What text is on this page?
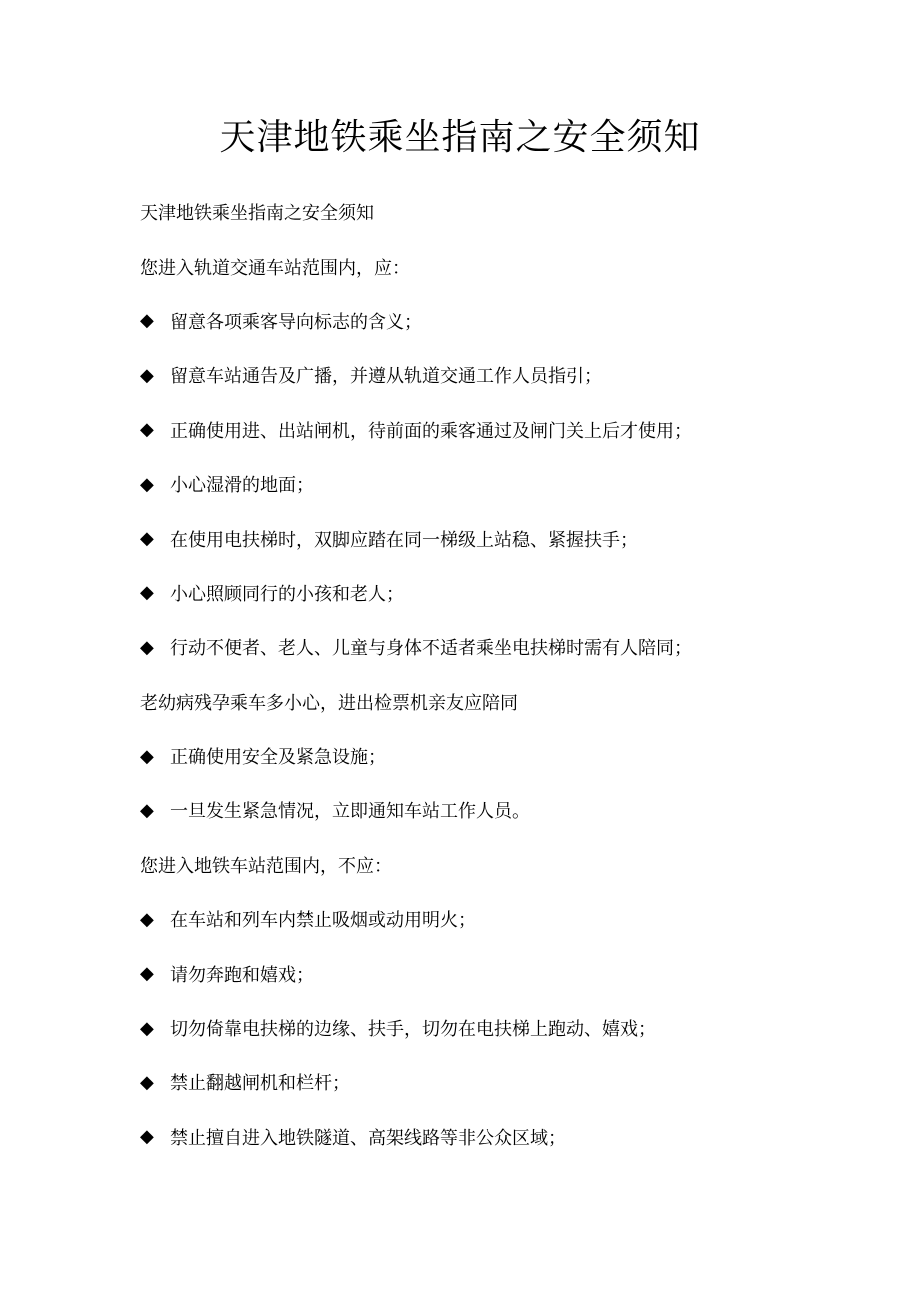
天津地铁乘坐指南之安全须知
天津地铁乘坐指南之安全须知
您进入轨道交通车站范围内，应：
◆ 留意各项乘客导向标志的含义；
◆ 留意车站通告及广播，并遵从轨道交通工作人员指引；
◆ 正确使用进、出站闸机，待前面的乘客通过及闸门关上后才使用；
◆ 小心湿滑的地面；
◆ 在使用电扶梯时，双脚应踏在同一梯级上站稳、紧握扶手；
◆ 小心照顾同行的小孩和老人；
◆ 行动不便者、老人、儿童与身体不适者乘坐电扶梯时需有人陪同；
老幼病残孕乘车多小心，进出检票机亲友应陪同
◆ 正确使用安全及紧急设施；
◆ 一旦发生紧急情况，立即通知车站工作人员。
您进入地铁车站范围内，不应：
◆ 在车站和列车内禁止吸烟或动用明火；
◆ 请勿奔跑和嬉戏；
◆ 切勿倚靠电扶梯的边缘、扶手，切勿在电扶梯上跑动、嬉戏；
◆ 禁止翻越闸机和栏杆；
◆ 禁止擅自进入地铁隧道、高架线路等非公众区域；
